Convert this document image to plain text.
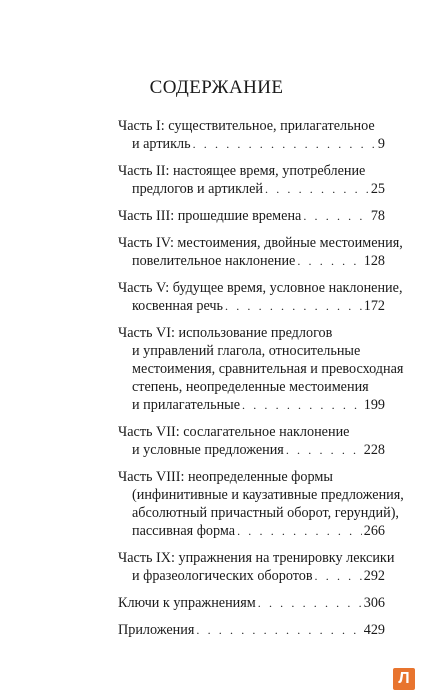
СОДЕРЖАНИЕ
Часть I: существительное, прилагательное
и артикль . . .	9
Часть II: настоящее время, употребление
предлогов и артиклей . . .	25
Часть III: прошедшие времена . . .	78
Часть IV: местоимения, двойные местоимения,
повелительное наклонение . . .	128
Часть V: будущее время, условное наклонение,
косвенная речь . . .	172
Часть VI: использование предлогов
и управлений глагола, относительные
местоимения, сравнительная и превосходная
степень, неопределенные местоимения
и прилагательные . . .	199
Часть VII: сослагательное наклонение
и условные предложения . . .	228
Часть VIII: неопределенные формы
(инфинитивные и каузативные предложения,
абсолютный причастный оборот, герундий),
пассивная форма . . .	266
Часть IX: упражнения на тренировку лексики
и фразеологических оборотов . . .	292
Ключи к упражнениям . . .	306
Приложения . . .	429
Л
